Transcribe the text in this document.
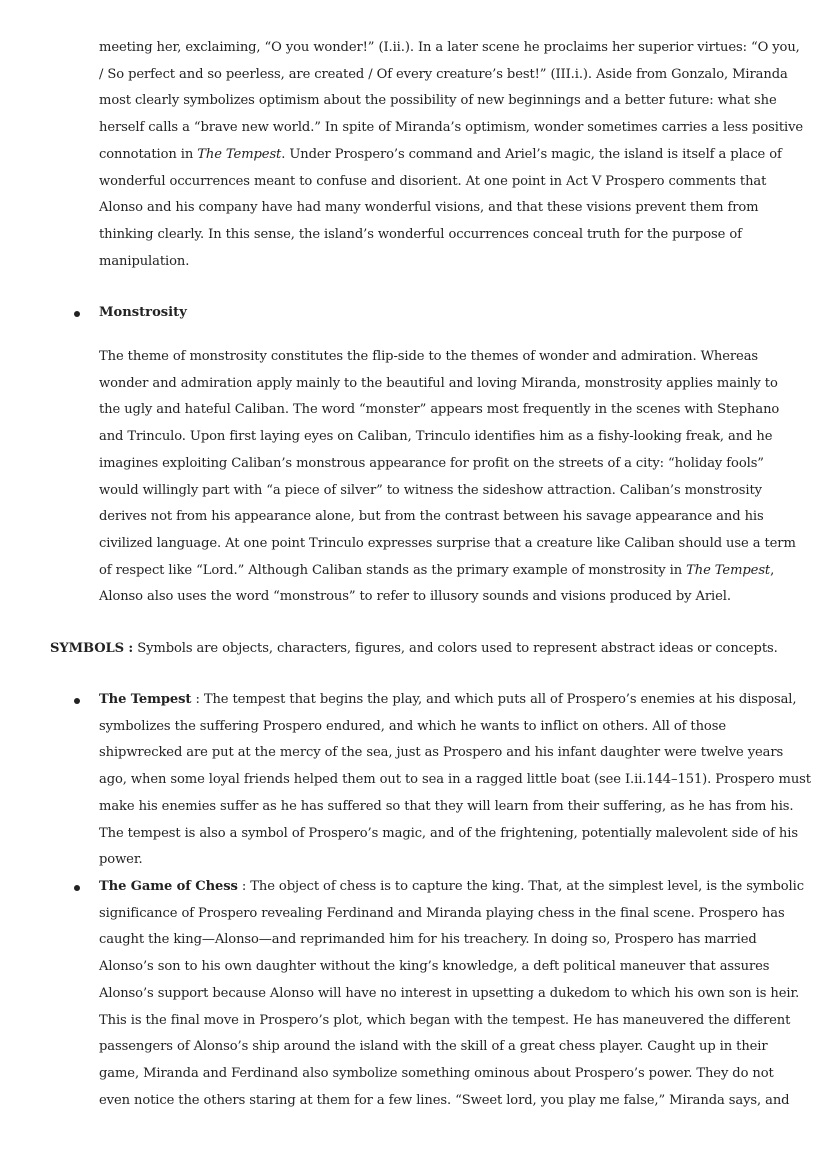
meeting her, exclaiming, “O you wonder!” (I.ii.). In a later scene he proclaims her superior virtues: “O you,
/ So perfect and so peerless, are created / Of every creature’s best!” (III.i.). Aside from Gonzalo, Miranda
most clearly symbolizes optimism about the possibility of new beginnings and a better future: what she
herself calls a “brave new world.” In spite of Miranda’s optimism, wonder sometimes carries a less positive
connotation in The Tempest. Under Prospero’s command and Ariel’s magic, the island is itself a place of
wonderful occurrences meant to confuse and disorient. At one point in Act V Prospero comments that
Alonso and his company have had many wonderful visions, and that these visions prevent them from
thinking clearly. In this sense, the island’s wonderful occurrences conceal truth for the purpose of
manipulation.
Monstrosity
The theme of monstrosity constitutes the flip-side to the themes of wonder and admiration. Whereas
wonder and admiration apply mainly to the beautiful and loving Miranda, monstrosity applies mainly to
the ugly and hateful Caliban. The word “monster” appears most frequently in the scenes with Stephano
and Trinculo. Upon first laying eyes on Caliban, Trinculo identifies him as a fishy-looking freak, and he
imagines exploiting Caliban’s monstrous appearance for profit on the streets of a city: “holiday fools”
would willingly part with “a piece of silver” to witness the sideshow attraction. Caliban’s monstrosity
derives not from his appearance alone, but from the contrast between his savage appearance and his
civilized language. At one point Trinculo expresses surprise that a creature like Caliban should use a term
of respect like “Lord.” Although Caliban stands as the primary example of monstrosity in The Tempest,
Alonso also uses the word “monstrous” to refer to illusory sounds and visions produced by Ariel.
SYMBOLS : Symbols are objects, characters, figures, and colors used to represent abstract ideas or concepts.
The Tempest : The tempest that begins the play, and which puts all of Prospero’s enemies at his disposal,
symbolizes the suffering Prospero endured, and which he wants to inflict on others. All of those
shipwrecked are put at the mercy of the sea, just as Prospero and his infant daughter were twelve years
ago, when some loyal friends helped them out to sea in a ragged little boat (see I.ii.144–151). Prospero must
make his enemies suffer as he has suffered so that they will learn from their suffering, as he has from his.
The tempest is also a symbol of Prospero’s magic, and of the frightening, potentially malevolent side of his
power.
The Game of Chess : The object of chess is to capture the king. That, at the simplest level, is the symbolic
significance of Prospero revealing Ferdinand and Miranda playing chess in the final scene. Prospero has
caught the king—Alonso—and reprimanded him for his treachery. In doing so, Prospero has married
Alonso’s son to his own daughter without the king’s knowledge, a deft political maneuver that assures
Alonso’s support because Alonso will have no interest in upsetting a dukedom to which his own son is heir.
This is the final move in Prospero’s plot, which began with the tempest. He has maneuvered the different
passengers of Alonso’s ship around the island with the skill of a great chess player. Caught up in their
game, Miranda and Ferdinand also symbolize something ominous about Prospero’s power. They do not
even notice the others staring at them for a few lines. “Sweet lord, you play me false,” Miranda says, and
